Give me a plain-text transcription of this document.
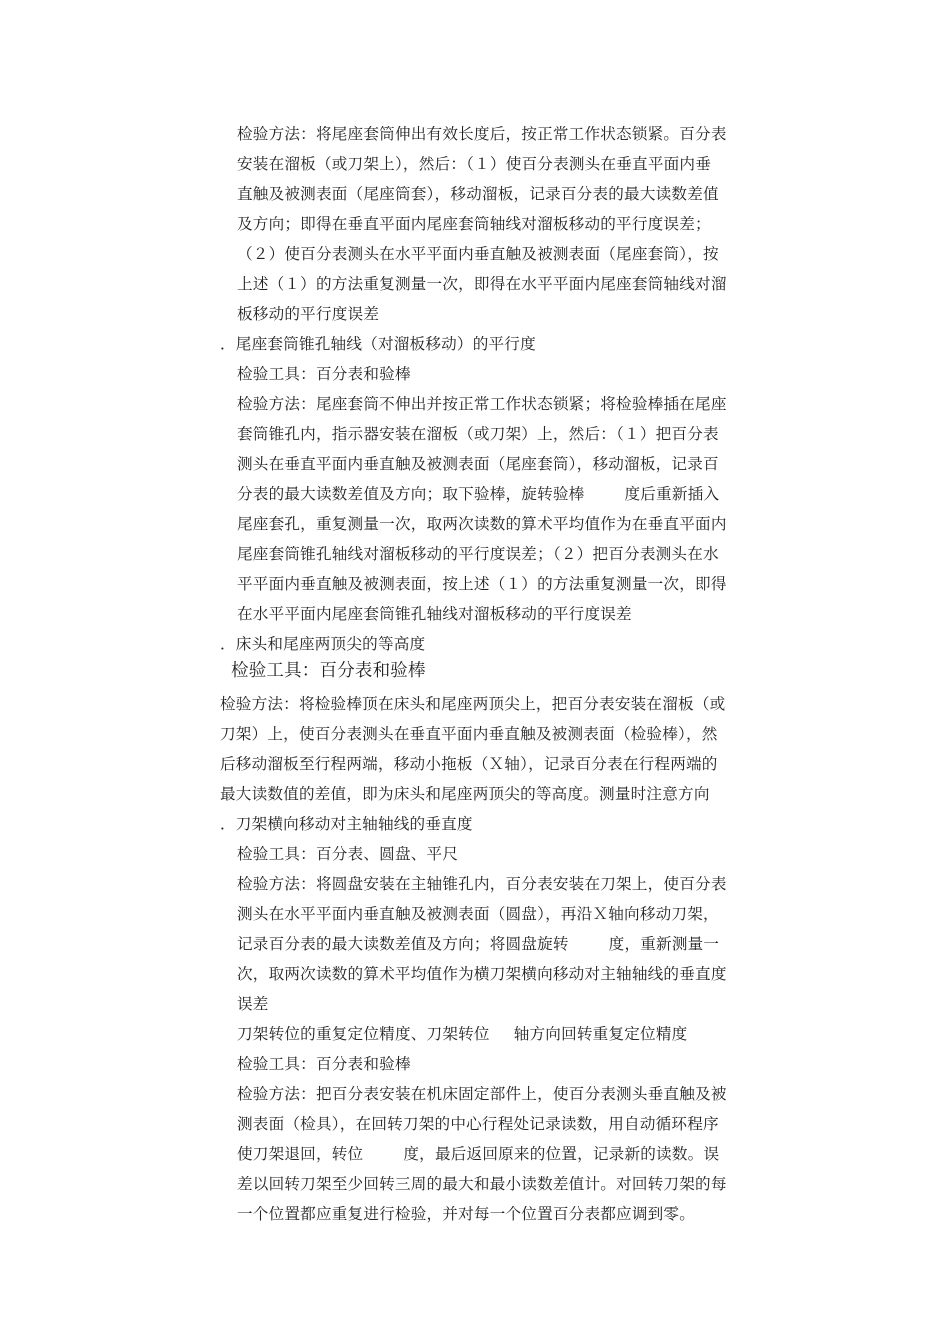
检验方法：将尾座套筒伸出有效长度后，按正常工作状态锁紧。百分表
安装在溜板（或刀架上），然后：（１）使百分表测头在垂直平面内垂
直触及被测表面（尾座筒套），移动溜板，记录百分表的最大读数差值
及方向；即得在垂直平面内尾座套筒轴线对溜板移动的平行度误差；
（２）使百分表测头在水平平面内垂直触及被测表面（尾座套筒），按
上述（１）的方法重复测量一次，即得在水平平面内尾座套筒轴线对溜
板移动的平行度误差
．尾座套筒锥孔轴线（对溜板移动）的平行度
检验工具：百分表和验棒
检验方法：尾座套筒不伸出并按正常工作状态锁紧；将检验棒插在尾座
套筒锥孔内，指示器安装在溜板（或刀架）上，然后：（１）把百分表
测头在垂直平面内垂直触及被测表面（尾座套筒），移动溜板，记录百
分表的最大读数差值及方向；取下验棒，旋转验棒	度后重新插入
尾座套孔，重复测量一次，取两次读数的算术平均值作为在垂直平面内
尾座套筒锥孔轴线对溜板移动的平行度误差；（２）把百分表测头在水
平平面内垂直触及被测表面，按上述（１）的方法重复测量一次，即得
在水平平面内尾座套筒锥孔轴线对溜板移动的平行度误差
．床头和尾座两顶尖的等高度
检验工具：百分表和验棒
检验方法：将检验棒顶在床头和尾座两顶尖上，把百分表安装在溜板（或
刀架）上，使百分表测头在垂直平面内垂直触及被测表面（检验棒），然
后移动溜板至行程两端，移动小拖板（Ｘ轴），记录百分表在行程两端的
最大读数值的差值，即为床头和尾座两顶尖的等高度。测量时注意方向
．刀架横向移动对主轴轴线的垂直度
检验工具：百分表、圆盘、平尺
检验方法：将圆盘安装在主轴锥孔内，百分表安装在刀架上，使百分表
测头在水平平面内垂直触及被测表面（圆盘），再沿Ｘ轴向移动刀架，
记录百分表的最大读数差值及方向；将圆盘旋转	度，重新测量一
次，取两次读数的算术平均值作为横刀架横向移动对主轴轴线的垂直度
误差
刀架转位的重复定位精度、刀架转位 轴方向回转重复定位精度
检验工具：百分表和验棒
检验方法：把百分表安装在机床固定部件上，使百分表测头垂直触及被
测表面（检具），在回转刀架的中心行程处记录读数，用自动循环程序
使刀架退回，转位	度，最后返回原来的位置，记录新的读数。误
差以回转刀架至少回转三周的最大和最小读数差值计。对回转刀架的每
一个位置都应重复进行检验，并对每一个位置百分表都应调到零。
